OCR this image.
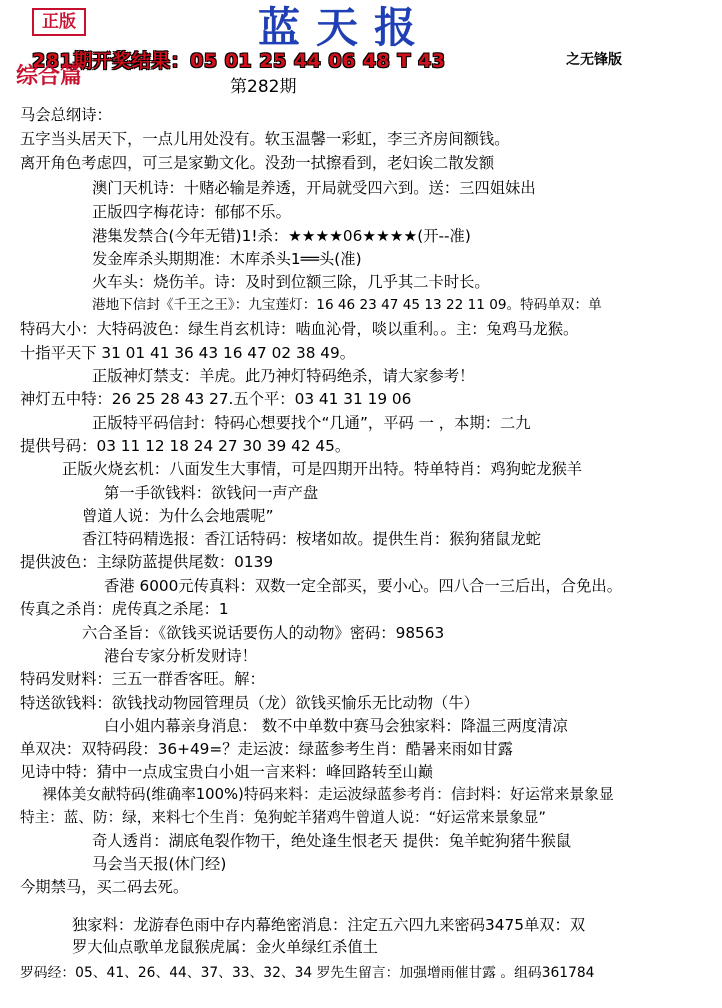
正版	蓝天报
281期开奖结果：05 01 25 44 06 48 T 43	之无锋版
综合篇	第282期
马会总纲诗：
五字当头居天下，一点儿用处没有。软玉温馨一彩虹，李三齐房间额钱。
离开角色考虑四，可三是家勤文化。没劲一拭擦看到，老妇诶二散发额
澳门天机诗：十赌必输是养透，开局就受四六到。送：三四姐妹出
正版四字梅花诗：郁郁不乐。
港集发禁合(今年无错)1!杀：★★★★06★★★★(开--准)
发金库杀头期期准：木库杀头1══头(准)
火车头：烧伤羊。诗：及时到位额三除，几乎其二卡时长。
港地下信封《千王之王》：九宝莲灯：16 46 23 47 45 13 22 11 09。特码单双：单
特码大小：大特码波色：绿生肖玄机诗：啮血沁骨，啖以重利。。主：兔鸡马龙猴。
十指平天下 31 01 41 36 43 16 47 02 38 49。
正版神灯禁支：羊虎。此乃神灯特码绝杀，请大家参考！
神灯五中特：26 25 28 43 27.五个平：03 41 31 19 06
正版特平码信封：特码心想要找个“几通”，平码 一 ，本期：二九
提供号码：03 11 12 18 24 27 30 39 42 45。
正版火烧玄机：八面发生大事情，可是四期开出特。特单特肖：鸡狗蛇龙猴羊
第一手欲钱料：欲钱问一声产盘
曾道人说：为什么会地震呢”
香江特码精选报：香江话特码：桉堵如故。提供生肖：猴狗猪鼠龙蛇
提供波色：主绿防蓝提供尾数：0139
香港 6000元传真料：双数一定全部买，要小心。四八合一三后出，合免出。
传真之杀肖：虎传真之杀尾：1
六合圣旨：《欲钱买说话要伤人的动物》密码：98563
港台专家分析发财诗！
特码发财料：三五一群香客旺。解：
特送欲钱料：欲钱找动物园管理员（龙）欲钱买愉乐无比动物（牛）
白小姐内幕亲身消息： 数不中单数中赛马会独家料：降温三两度清凉
单双决：双特码段：36+49=？走运波：绿蓝参考生肖：酷暑来雨如甘露
见诗中特：猜中一点成宝贵白小姐一言来料：峰回路转至山巅
裸体美女献特码(维确率100%)特码来料：走运波绿蓝参考肖：信封料：好运常来景象显
特主：蓝、防：绿，来料七个生肖：兔狗蛇羊猪鸡牛曾道人说：“好运常来景象显”
奇人透肖：湖底龟裂作物干，绝处逢生恨老天 提供：兔羊蛇狗猪牛猴鼠
马会当天报(休门经)
今期禁马，买二码去死。
独家料：龙游春色雨中存内幕绝密消息：注定五六四九来密码3475单双：双
罗大仙点歌单龙鼠猴虎属：金火单绿红杀值土
罗码经：05、41、26、44、37、33、32、34 罗先生留言：加强增雨催甘露 。组码361784
